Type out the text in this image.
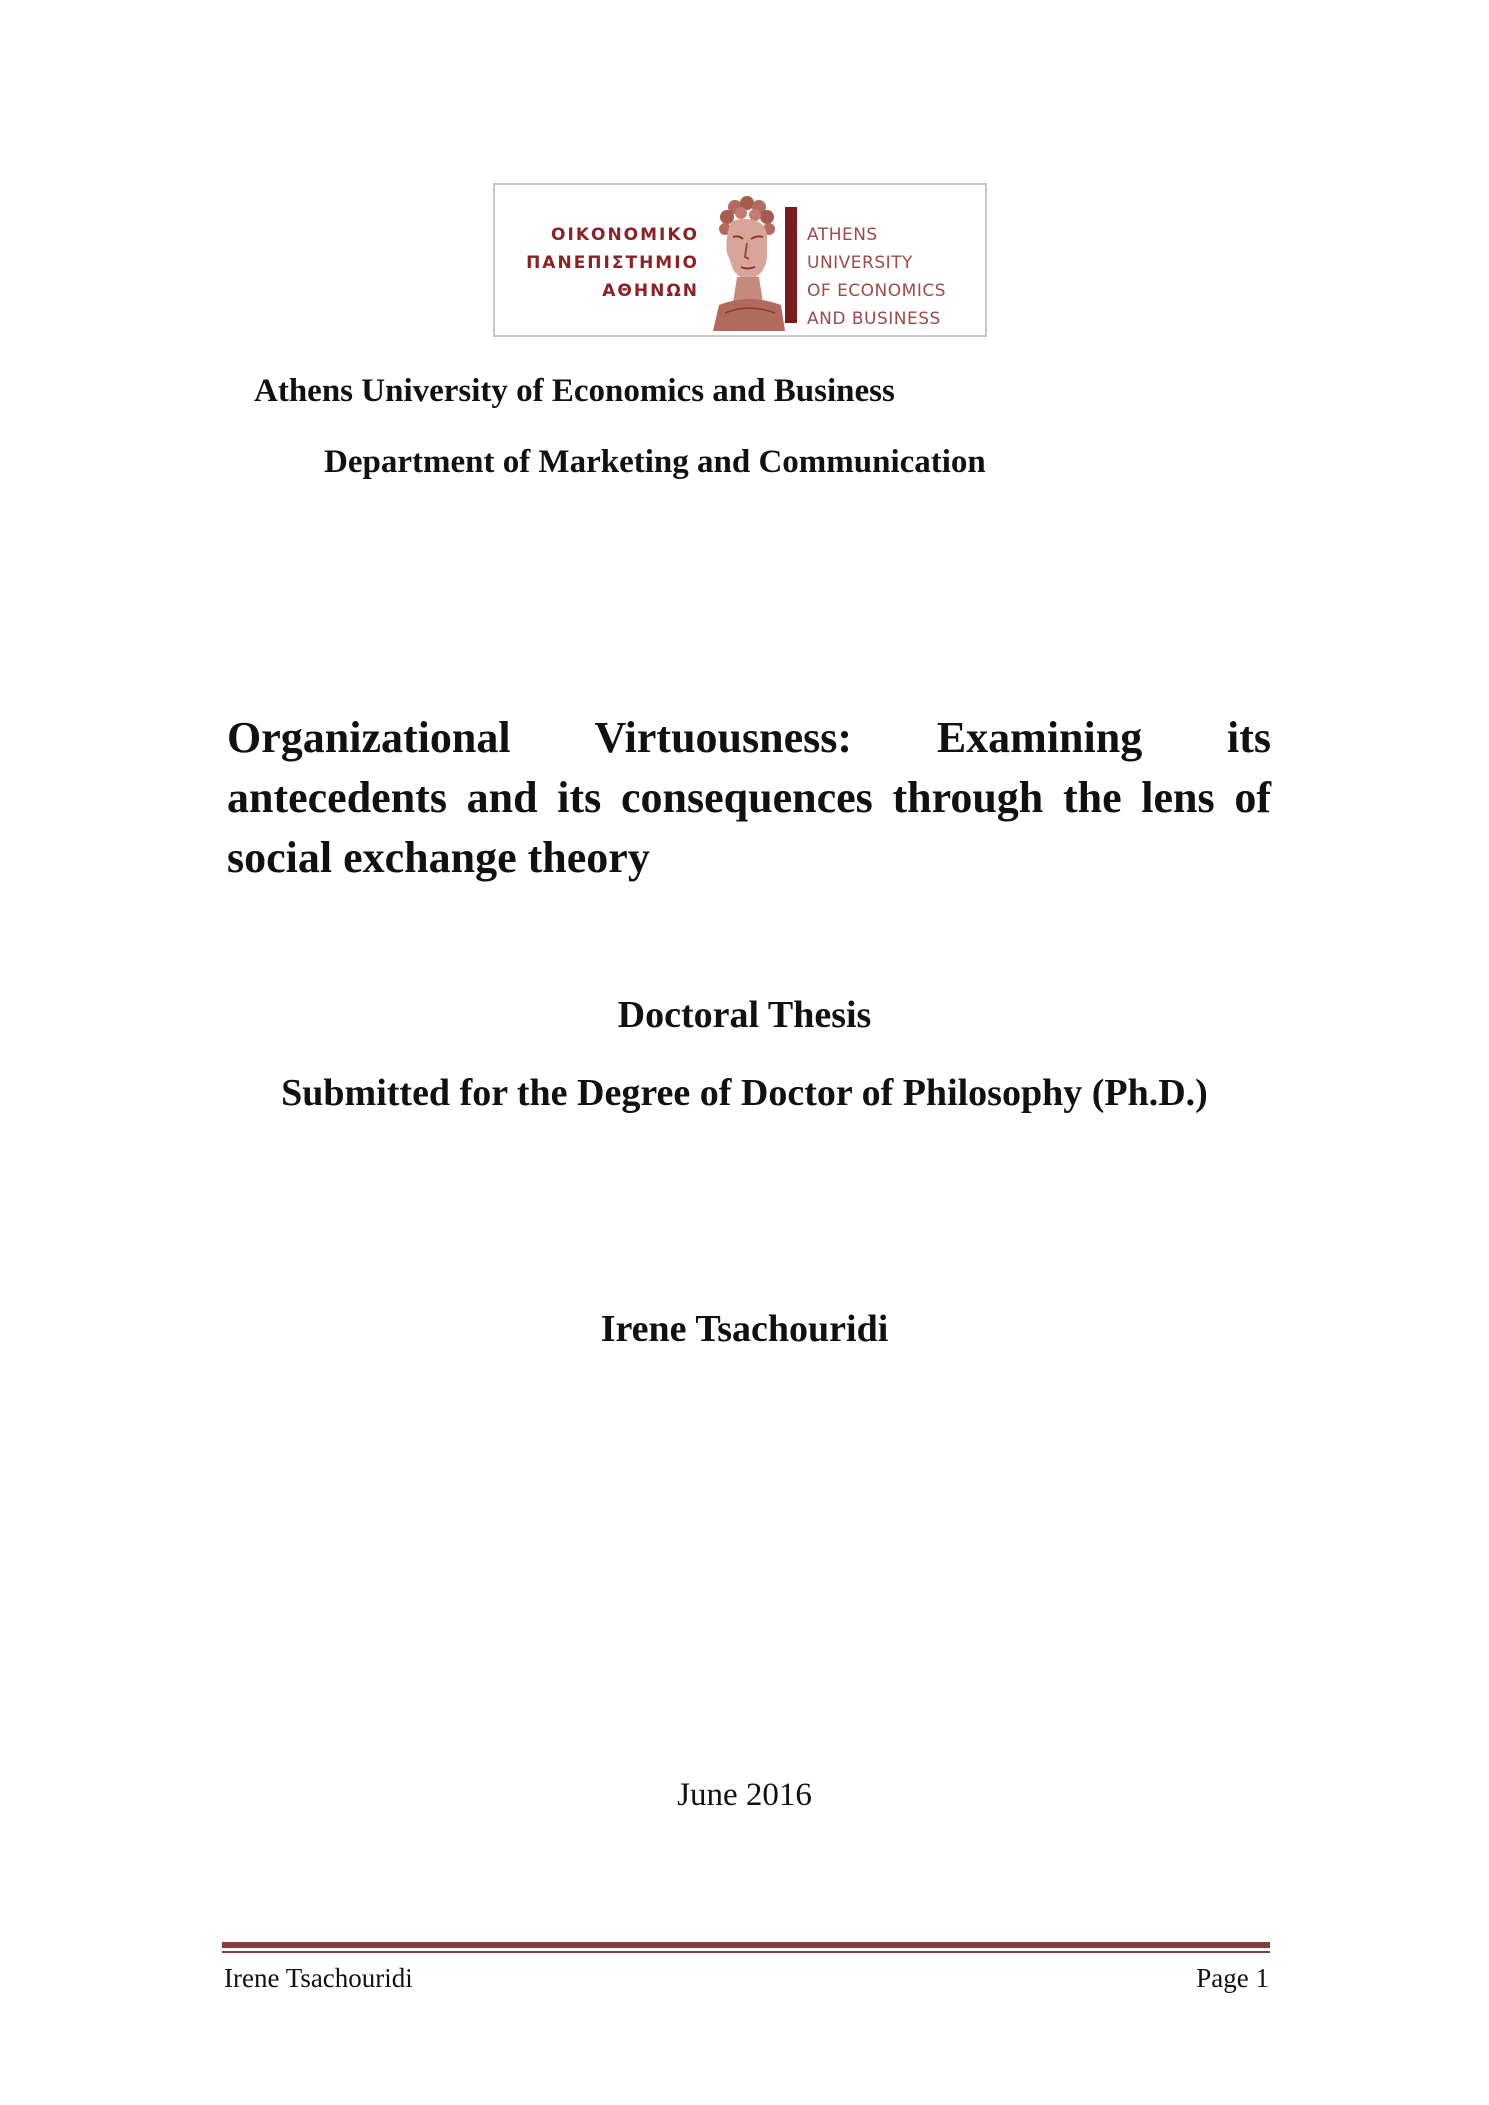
ΟΙΚΟΝΟΜΙΚΟ
ΠΑΝΕΠΙΣΤΗΜΙΟ
ΑΘΗΝΩΝ
ATHENS UNIVERSITY
OF ECONOMICS
AND BUSINESS
Athens University of Economics and Business
Department of Marketing and Communication
Organizational Virtuousness: Examining its antecedents and its consequences through the lens of social exchange theory
Doctoral Thesis
Submitted for the Degree of Doctor of Philosophy (Ph.D.)
Irene Tsachouridi
June 2016
Irene Tsachouridi	Page 1
